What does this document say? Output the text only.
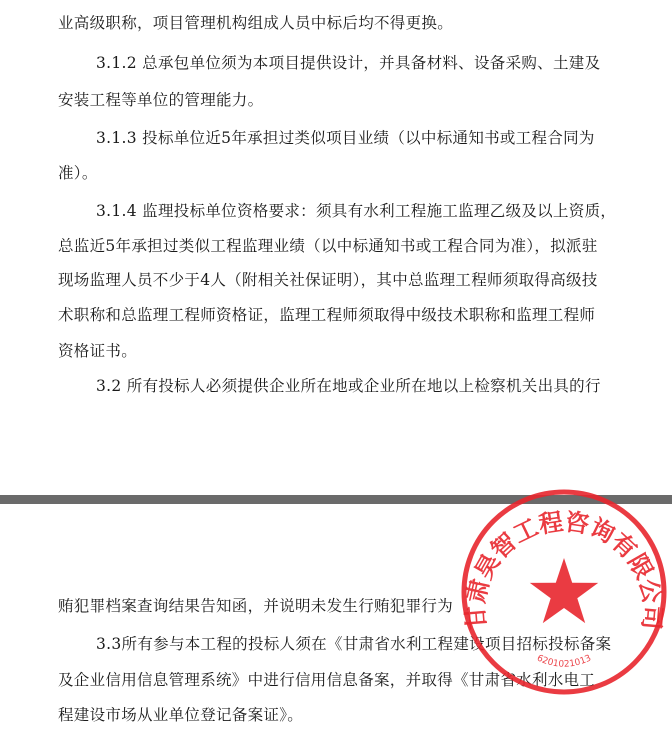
业高级职称，项目管理机构组成人员中标后均不得更换。
3.1.2 总承包单位须为本项目提供设计，并具备材料、设备采购、土建及
安装工程等单位的管理能力。
3.1.3 投标单位近5年承担过类似项目业绩（以中标通知书或工程合同为
准）。
3.1.4 监理投标单位资格要求：须具有水利工程施工监理乙级及以上资质，
总监近5年承担过类似工程监理业绩（以中标通知书或工程合同为准），拟派驻
现场监理人员不少于4人（附相关社保证明），其中总监理工程师须取得高级技
术职称和总监理工程师资格证，监理工程师须取得中级技术职称和监理工程师
资格证书。
3.2 所有投标人必须提供企业所在地或企业所在地以上检察机关出具的行
贿犯罪档案查询结果告知函，并说明未发生行贿犯罪行为
3.3所有参与本工程的投标人须在《甘肃省水利工程建设项目招标投标备案
及企业信用信息管理系统》中进行信用信息备案，并取得《甘肃省水利水电工
程建设市场从业单位登记备案证》。
甘肃昊智工程咨询有限公司
6201021013
